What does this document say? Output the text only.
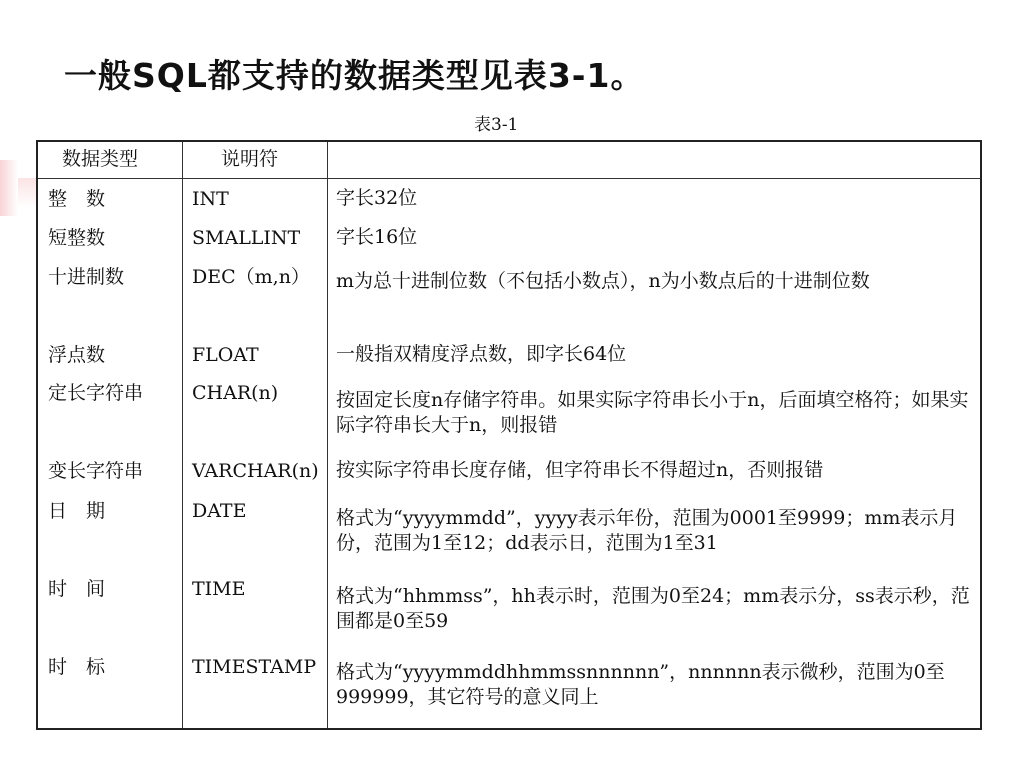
一般SQL都支持的数据类型见表3-1。
表3-1
数据类型	说明符
整　数	INT	字长32位
短整数	SMALLINT 字长16位
十进制数	DEC（m,n） m为总十进制位数（不包括小数点），n为小数点后的十进制位数
浮点数	FLOAT	一般指双精度浮点数，即字长64位
定长字符串	CHAR(n)	按固定长度n存储字符串。如果实际字符串长小于n，后面填空格符；如果实际字符串长大于n，则报错
变长字符串	VARCHAR(n) 按实际字符串长度存储，但字符串长不得超过n，否则报错
日　期	DATE	格式为“yyyymmdd”，yyyy表示年份，范围为0001至9999；mm表示月份，范围为1至12；dd表示日，范围为1至31
时　间	TIME	格式为“hhmmss”，hh表示时，范围为0至24；mm表示分，ss表示秒，范围都是0至59
时　标	TIMESTAMP 格式为“yyyymmddhhmmssnnnnnn”，nnnnnn表示微秒，范围为0至999999，其它符号的意义同上
